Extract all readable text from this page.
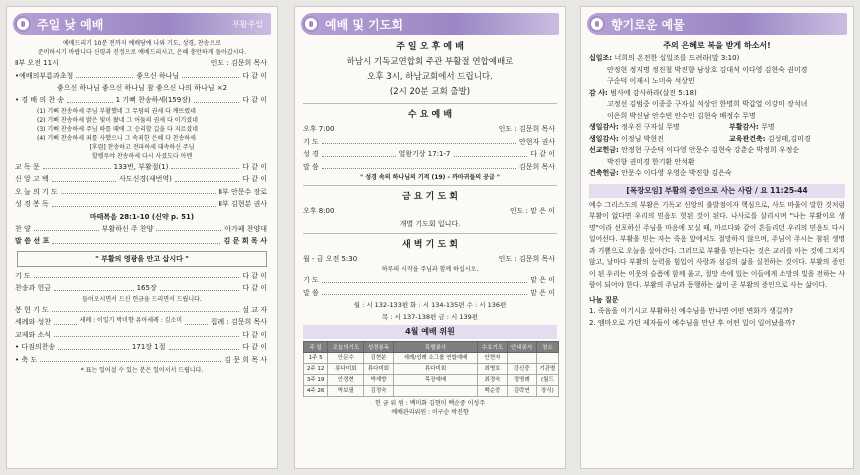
주일 낮 예배	부활주일
예배드리기 10분 전까지 예배당에 나와 기도, 성경, 찬송으로
준비하시기 바랍니다 신령과 진정으로 예배드리시고, 은혜 충만하게 돌아갑시다.
Ⅱ부 오전 11시	인도 : 김문희 목사
•예배의부름과초청	좋으신 하나님	다 같 이
좋으신 하나님 좋으신 하나님 참 좋으신 나의 하나님 ×2
• 경 배 의 찬 송	1 기뻐 찬송하세(159장)	다 같 이
(1) 기뻐 찬송하세 주님 부활했네 그 무덤의 권세 다 깨뜨렸네
(2) 기뻐 찬송하세 밝은 빛이 왔네 그 어둠의 권세 다 이기셨네
(3) 기뻐 찬송하세 주님 따를 때에 그 승리할 길을 다 지르셨네
(4) 기뻐 찬송하세 죄를 사했으니 그 속죄한 은혜 다 찬송하세
[후렴] 찬송하고 전파하세 대속하신 주님
할렐루야 찬송하세 다시 사셨도다 아멘
교 독 문	133번, 부활절(1)	다 같 이
신 앙 고 백	사도신경(새번역)	다 같 이
오 늘 의 기 도	Ⅱ부 안문수 장로
성 경 봉 독	Ⅱ부 김현분 권사
마태복음 28:1-10 (신약 p. 51)
찬 양	부활하신 주 찬양	아가페 찬양대
말 씀 선 포	김 문 희 목 사
" 부활의 영광을 안고 삽시다 "
기 도	다 같 이
찬송과 헌금	165장	다 같 이
들어오시면서 드신 헌금을 드리면서 드립니다.
봉 헌 기 도	설 교 자
세례와 성찬	세례 : 이일기 박미향 유아세례 : 김소미	집례 : 김문희 목사
교제와 소식	다 같 이
• 다짐의찬송	171장 1절	다 같 이
• 축 도	김 문 희 목 사
* 표는 일어설 수 있는 분은 일어서서 드립니다.
예배 및 기도회
주 일 오 후 예 배
하남시 기독교연합회 주관 부활절 연합예배로
오후 3시, 하남교회에서 드립니다.
(2시 20분 교회 출발)
수 요 예 배
오후 7:00	인도 : 김문희 목사
기 도	안현자 권사
성 경	열왕기상 17:1-7	다 같 이
말 씀	김문희 목사
" 성경 속의 하나님의 기적 (19) - 까마귀들의 공급 "
금 요 기 도 회
오후 8:00	인도 : 맡 은 이
개별 기도회 입니다.
새 벽 기 도 회
월 - 금 오전 5:30	인도 : 김문희 목사
하루의 시작을 주님과 함께 하십시오.
기 도	맡 은 이
말 씀	맡 은 이
월 : 시 132-133편 화 : 시 134-135편 수 : 시 136편
목 : 시 137-138편 금 : 시 139편
4월 예배 위원
주 일	오늘의기도	성경봉독	특별봉사	수요기도	안내봉사	청소
1주 5	안문수	김현분	세례/성례 소그룹 연합예배	안현자		
2주 12	류다미회	류다미회	류다미회	최병호	강신중	기관별
3주 19	안정현	박재향	목장예배	최경숙	정명례	(월드
4주 26	박보필	김정숙		백순중	김락연	장식)
헌 금 위 원 : 백미화 김현미 백순중 이성주
예배관리위원 : 이구순 박진향
향기로운 예물
주의 은혜로 복을 받게 하소서!
십일조: 너희의 온전한 십일조를 드려라(말 3:10)
안정현 정지명 정진철 박진향 남상호 김대석 이다영 김현숙 권미경
구순덕 이재시 노미숙 석상민
감 사: 범사에 감사하라(살전 5:18)
고정선 김범중 이종중 구자실 석상인 한명희 박갑열 이강미 장석녀
이은희 박신남 안수빈 안수인 김현숙 배정수 무명
생일감사: 정우진 구자실 무명	부활감사: 무명
생일감사: 이정님 박현진	교육관건축: 김성태,김미경
선교헌금: 안정현 구순덕 이다영 안문수 김현숙 강춘순 박정희 우정순
박진향 권미경 한기환 안석환
건축헌금: 안문수 이다영 우영순 박진향 김은숙
[목장모임] 부활의 증인으로 사는 사람 / 요 11:25-44
예수 그리스도의 부활은 기독교 신앙의 출발점이자 핵심으로, 사도 바울이 말한 것처럼 부활이 없다면 우리의 믿음도 헛된 것이 된다. 나사로를 살리시며 "나는 부활이요 생명"이라 선포하신 주님을 마음에 모실 때, 마르다와 같이 흔들리던 우리의 믿음도 다시 일어선다. 부활을 믿는 자는 죽음 앞에서도 절망하지 않으며, 주님이 주시는 참된 생명과 기쁨으로 오늘을 살아간다. 그러므로 부활을 믿는다는 것은 교리를 아는 것에 그치지 않고, 날마다 부활의 능력을 힘입어 사랑과 섬김의 삶을 실천하는 것이다. 부활의 증인이 된 우리는 이웃의 슬픔에 함께 울고, 절망 속에 있는 이들에게 소망의 빛을 전하는 사람이 되어야 한다. 부활의 주님과 동행하는 삶이 곧 부활의 증인으로 사는 삶이다.
나눔 질문
1. 죽음을 이기시고 부활하신 예수님을 만나면 어떤 변화가 생길까?
2. 엠마오로 가던 제자들이 예수님을 만난 후 어떤 일이 일어났을까?
